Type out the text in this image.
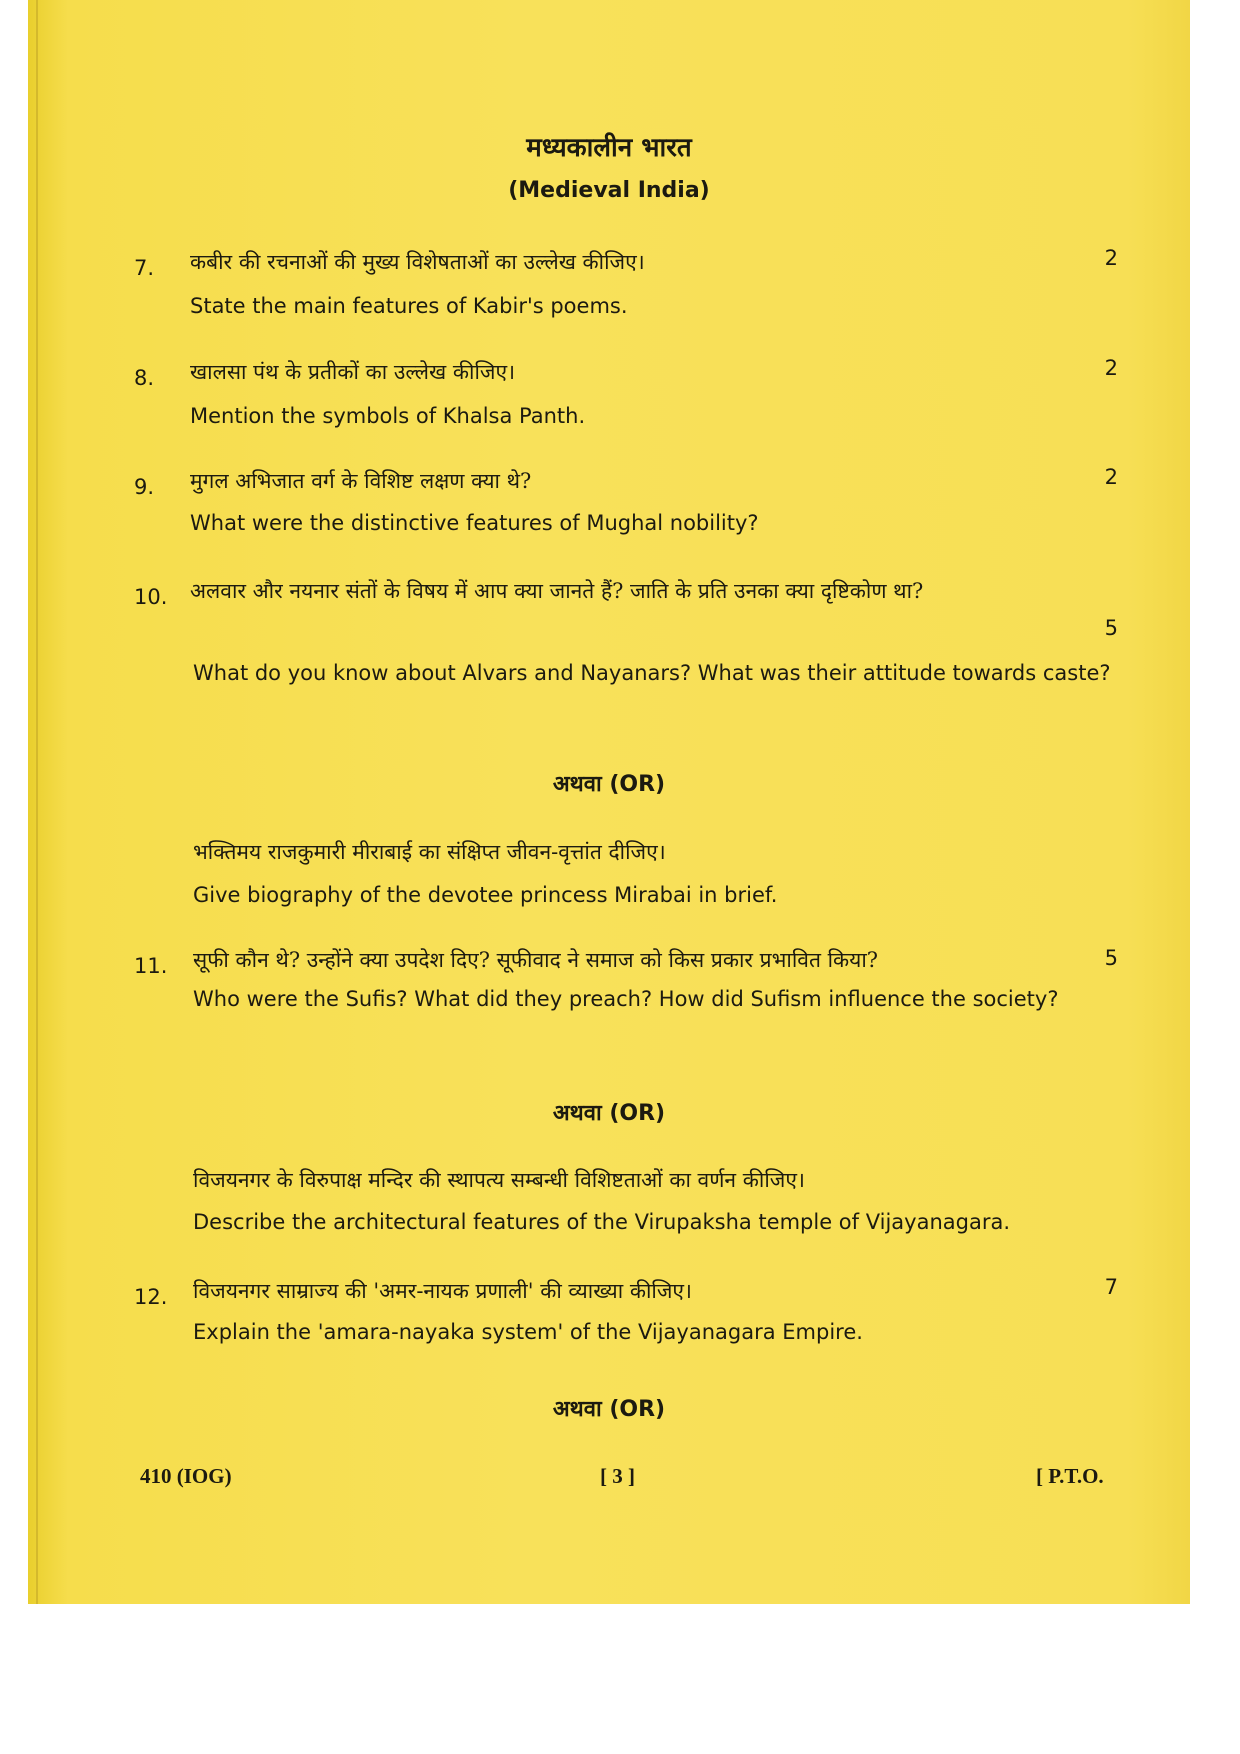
मध्यकालीन भारत
(Medieval India)
7. कबीर की रचनाओं की मुख्य विशेषताओं का उल्लेख कीजिए।
State the main features of Kabir's poems.
2
8. खालसा पंथ के प्रतीकों का उल्लेख कीजिए।
Mention the symbols of Khalsa Panth.
2
9. मुगल अभिजात वर्ग के विशिष्ट लक्षण क्या थे?
What were the distinctive features of Mughal nobility?
2
10. अलवार और नयनार संतों के विषय में आप क्या जानते हैं? जाति के प्रति उनका क्या दृष्टिकोण था?
5
What do you know about Alvars and Nayanars? What was their attitude towards caste?
अथवा (OR)
भक्तिमय राजकुमारी मीराबाई का संक्षिप्त जीवन-वृत्तांत दीजिए।
Give biography of the devotee princess Mirabai in brief.
11. सूफी कौन थे? उन्होंने क्या उपदेश दिए? सूफीवाद ने समाज को किस प्रकार प्रभावित किया?	5
Who were the Sufis? What did they preach? How did Sufism influence the society?
अथवा (OR)
विजयनगर के विरुपाक्ष मन्दिर की स्थापत्य सम्बन्धी विशिष्टताओं का वर्णन कीजिए।
Describe the architectural features of the Virupaksha temple of Vijayanagara.
12. विजयनगर साम्राज्य की 'अमर-नायक प्रणाली' की व्याख्या कीजिए।	7
Explain the 'amara-nayaka system' of the Vijayanagara Empire.
अथवा (OR)
410 (IOG)	[ 3 ]	[ P.T.O.
